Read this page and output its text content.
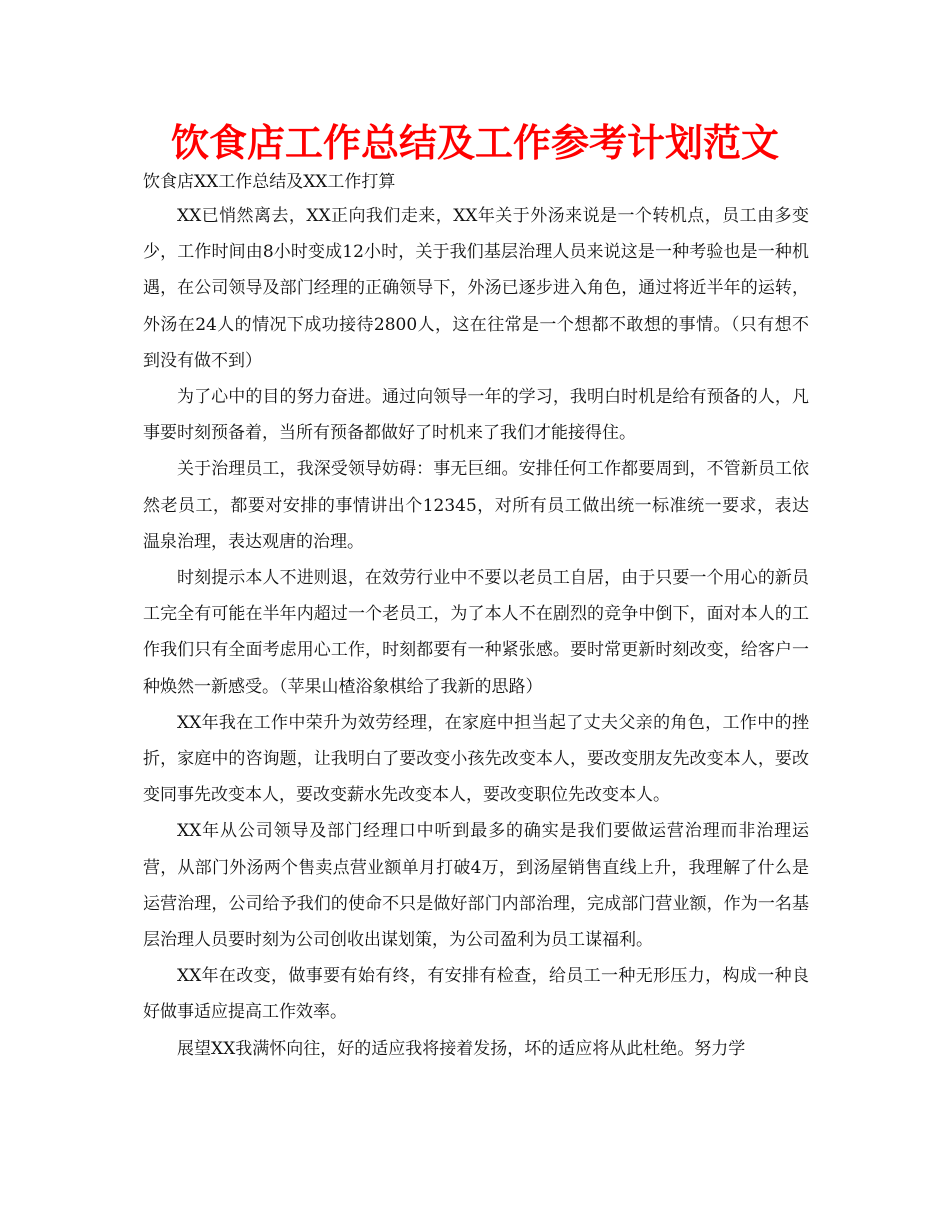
饮食店工作总结及工作参考计划范文
饮食店XX工作总结及XX工作打算

XX已悄然离去，XX正向我们走来，XX年关于外汤来说是一个转机点，员工由多变少，工作时间由8小时变成12小时，关于我们基层治理人员来说这是一种考验也是一种机遇，在公司领导及部门经理的正确领导下，外汤已逐步进入角色，通过将近半年的运转，外汤在24人的情况下成功接待2800人，这在往常是一个想都不敢想的事情。（只有想不到没有做不到）

为了心中的目的努力奋进。通过向领导一年的学习，我明白时机是给有预备的人，凡事要时刻预备着，当所有预备都做好了时机来了我们才能接得住。

关于治理员工，我深受领导妨碍：事无巨细。安排任何工作都要周到，不管新员工依然老员工，都要对安排的事情讲出个12345，对所有员工做出统一标准统一要求，表达温泉治理，表达观唐的治理。

时刻提示本人不进则退，在效劳行业中不要以老员工自居，由于只要一个用心的新员工完全有可能在半年内超过一个老员工，为了本人不在剧烈的竞争中倒下，面对本人的工作我们只有全面考虑用心工作，时刻都要有一种紧张感。要时常更新时刻改变，给客户一种焕然一新感受。（苹果山楂浴象棋给了我新的思路）

XX年我在工作中荣升为效劳经理，在家庭中担当起了丈夫父亲的角色，工作中的挫折，家庭中的咨询题，让我明白了要改变小孩先改变本人，要改变朋友先改变本人，要改变同事先改变本人，要改变薪水先改变本人，要改变职位先改变本人。

XX年从公司领导及部门经理口中听到最多的确实是我们要做运营治理而非治理运营，从部门外汤两个售卖点营业额单月打破4万，到汤屋销售直线上升，我理解了什么是运营治理，公司给予我们的使命不只是做好部门内部治理，完成部门营业额，作为一名基层治理人员要时刻为公司创收出谋划策，为公司盈利为员工谋福利。

XX年在改变，做事要有始有终，有安排有检查，给员工一种无形压力，构成一种良好做事适应提高工作效率。

展望XX我满怀向往，好的适应我将接着发扬，坏的适应将从此杜绝。努力学
